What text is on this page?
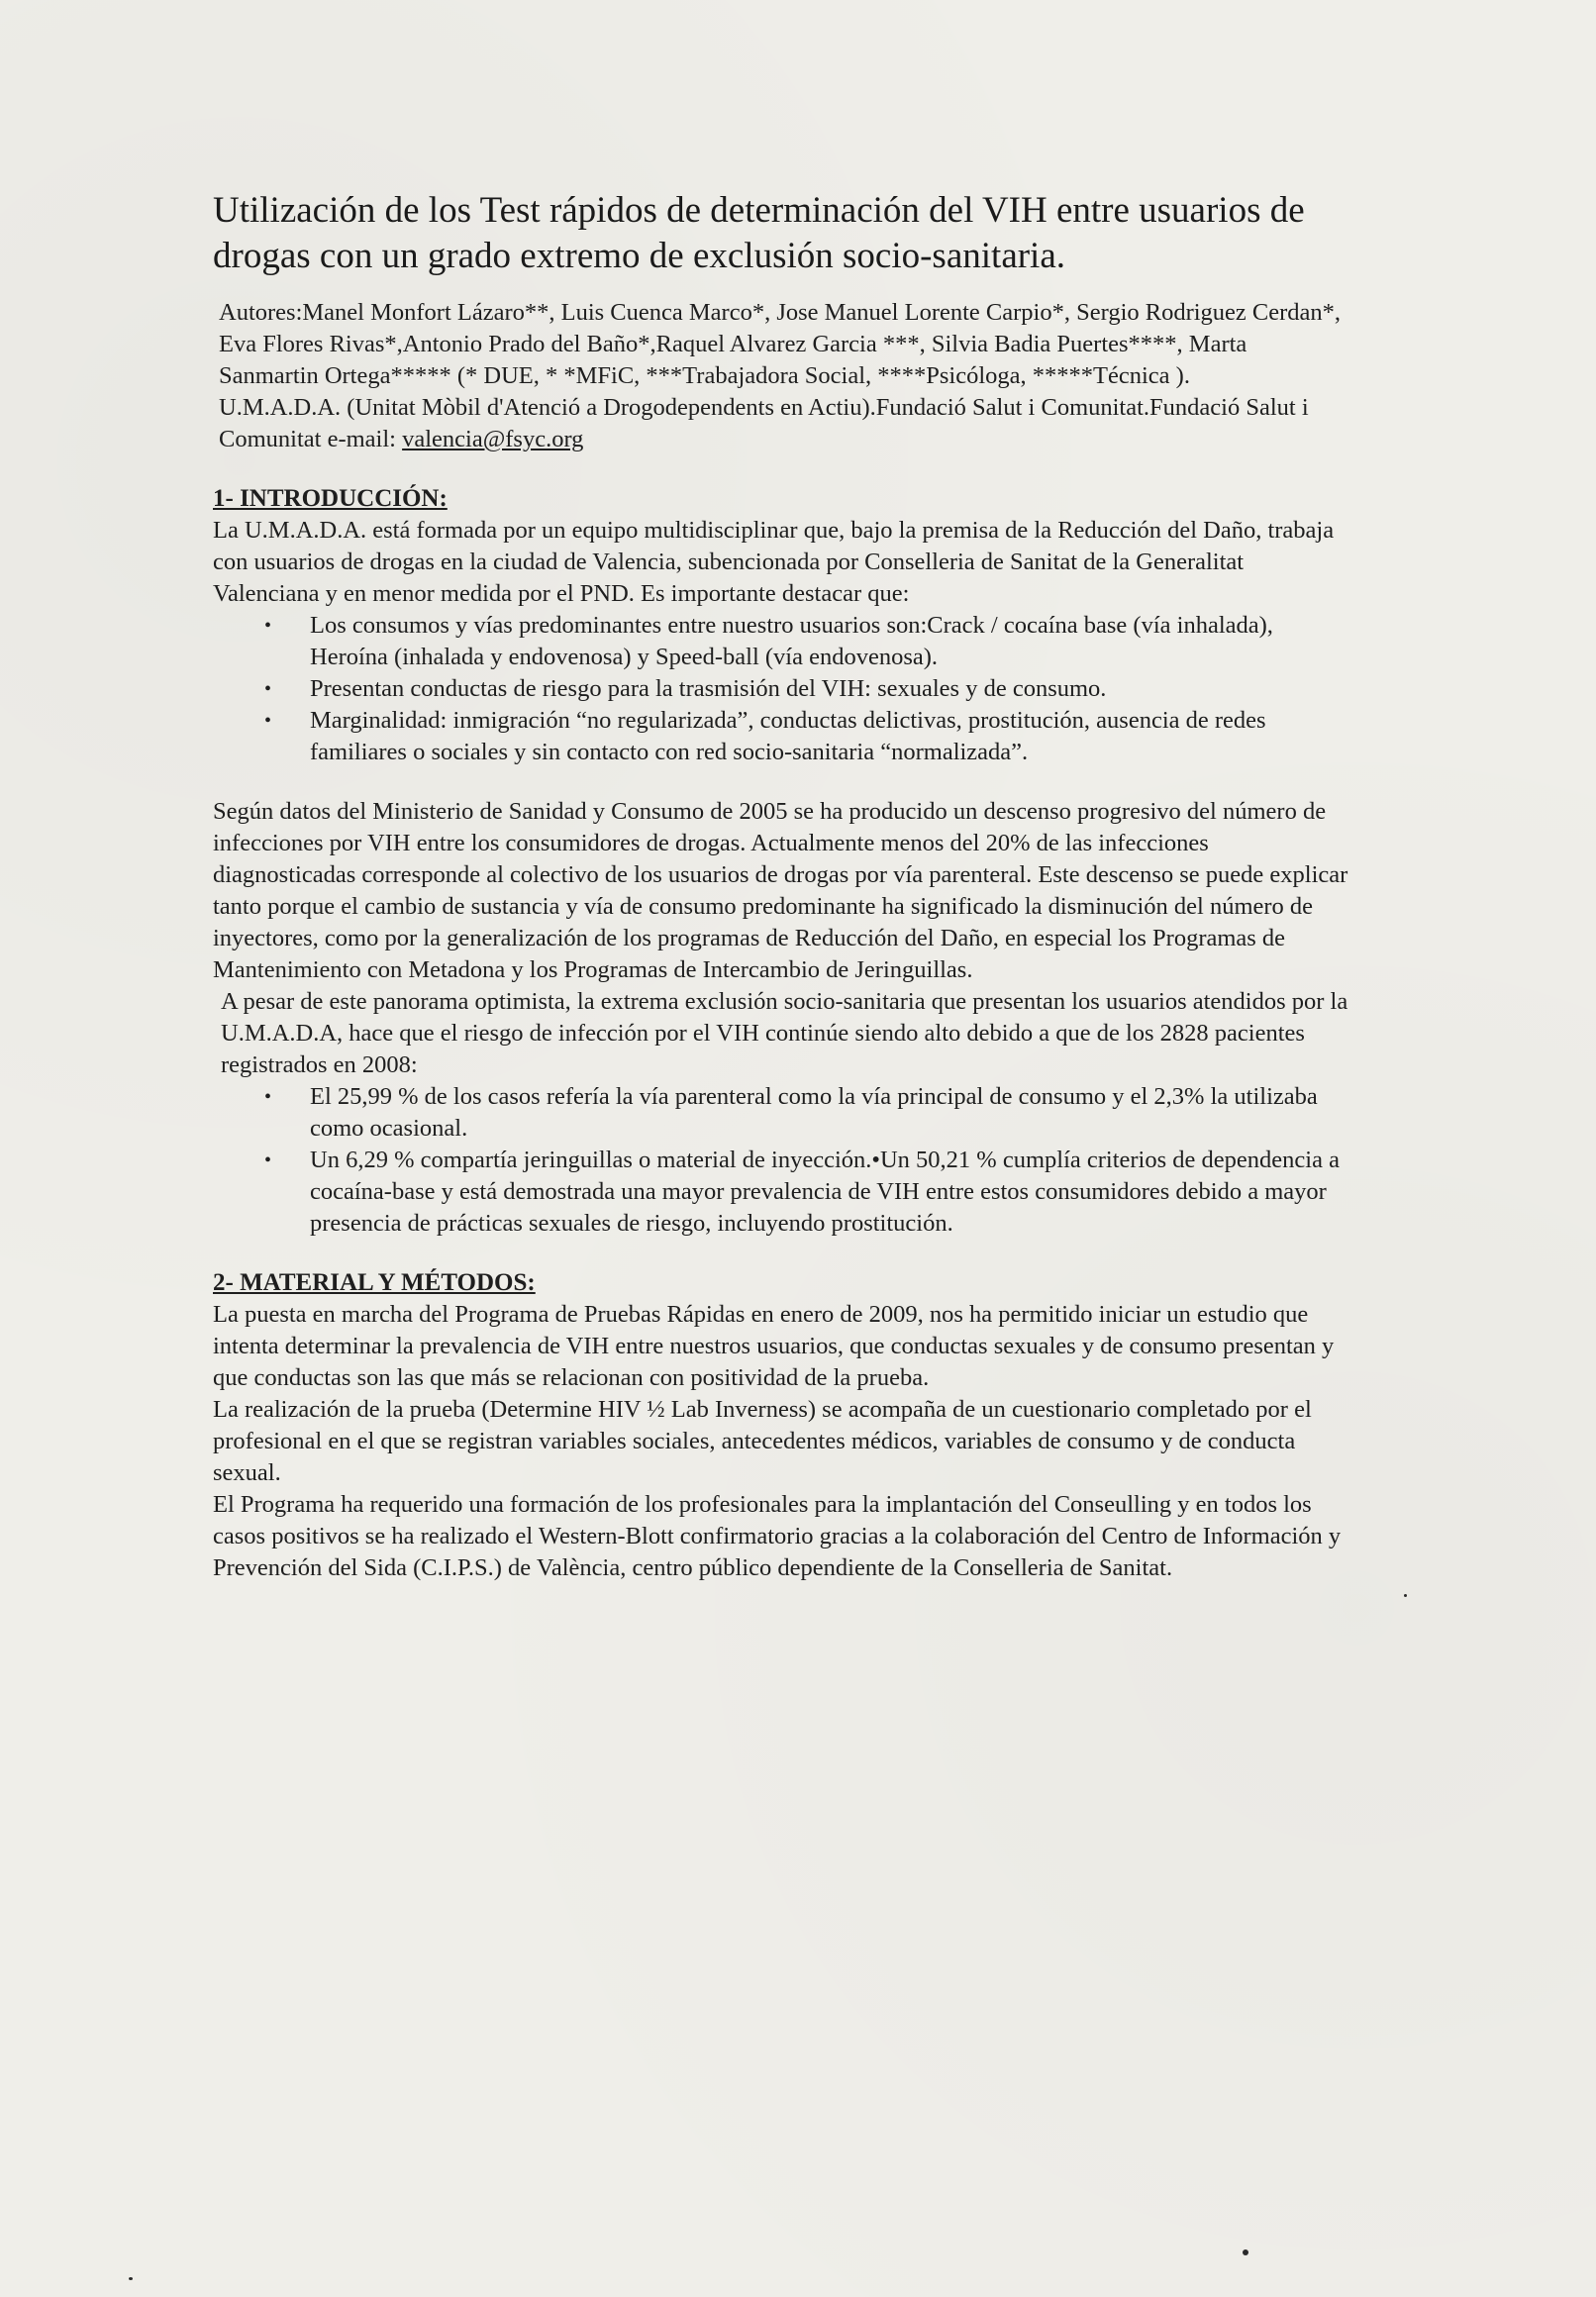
Utilización de los Test rápidos de determinación del VIH entre usuarios de drogas con un grado extremo de exclusión socio-sanitaria.
Autores:Manel Monfort Lázaro**, Luis Cuenca Marco*, Jose Manuel Lorente Carpio*, Sergio Rodriguez Cerdan*, Eva Flores Rivas*,Antonio Prado del Baño*,Raquel Alvarez Garcia ***, Silvia Badia Puertes****, Marta Sanmartin Ortega***** (* DUE, * *MFiC, ***Trabajadora Social, ****Psicóloga, *****Técnica ).
U.M.A.D.A. (Unitat Mòbil d'Atenció a Drogodependents en Actiu).Fundació Salut i Comunitat.Fundació Salut i Comunitat e-mail: valencia@fsyc.org
1- INTRODUCCIÓN:

La U.M.A.D.A. está formada por un equipo multidisciplinar que, bajo la premisa de la Reducción del Daño, trabaja con usuarios de drogas en la ciudad de Valencia, subencionada por Conselleria de Sanitat de la Generalitat Valenciana y en menor medida por el PND. Es importante destacar que:

• Los consumos y vías predominantes entre nuestro usuarios son:Crack / cocaína base (vía inhalada), Heroína (inhalada y endovenosa) y Speed-ball (vía endovenosa).
• Presentan conductas de riesgo para la trasmisión del VIH: sexuales y de consumo.
• Marginalidad: inmigración “no regularizada”, conductas delictivas, prostitución, ausencia de redes familiares o sociales y sin contacto con red socio-sanitaria “normalizada”.

Según datos del Ministerio de Sanidad y Consumo de 2005 se ha producido un descenso progresivo del número de infecciones por VIH entre los consumidores de drogas. Actualmente menos del 20% de las infecciones diagnosticadas corresponde al colectivo de los usuarios de drogas por vía parenteral. Este descenso se puede explicar tanto porque el cambio de sustancia y vía de consumo predominante ha significado la disminución del número de inyectores, como por la generalización de los programas de Reducción del Daño, en especial los Programas de Mantenimiento con Metadona y los Programas de Intercambio de Jeringuillas.

A pesar de este panorama optimista, la extrema exclusión socio-sanitaria que presentan los usuarios atendidos por la U.M.A.D.A, hace que el riesgo de infección por el VIH continúe siendo alto debido a que de los 2828 pacientes registrados en 2008:

• El 25,99 % de los casos refería la vía parenteral como la vía principal de consumo y el 2,3% la utilizaba como ocasional.
• Un 6,29 % compartía jeringuillas o material de inyección.•Un 50,21 % cumplía criterios de dependencia a cocaína-base y está demostrada una mayor prevalencia de VIH entre estos consumidores debido a mayor presencia de prácticas sexuales de riesgo, incluyendo prostitución.
2- MATERIAL Y MÉTODOS:

La puesta en marcha del Programa de Pruebas Rápidas en enero de 2009, nos ha permitido iniciar un estudio que intenta determinar la prevalencia de VIH entre nuestros usuarios, que conductas sexuales y de consumo presentan y que conductas son las que más se relacionan con positividad de la prueba.

La realización de la prueba (Determine HIV ½ Lab Inverness) se acompaña de un cuestionario completado por el profesional en el que se registran variables sociales, antecedentes médicos, variables de consumo y de conducta sexual.

El Programa ha requerido una formación de los profesionales para la implantación del Conseulling y en todos los casos positivos se ha realizado el Western-Blott confirmatorio gracias a la colaboración del Centro de Información y Prevención del Sida (C.I.P.S.) de València, centro público dependiente de la Conselleria de Sanitat.
